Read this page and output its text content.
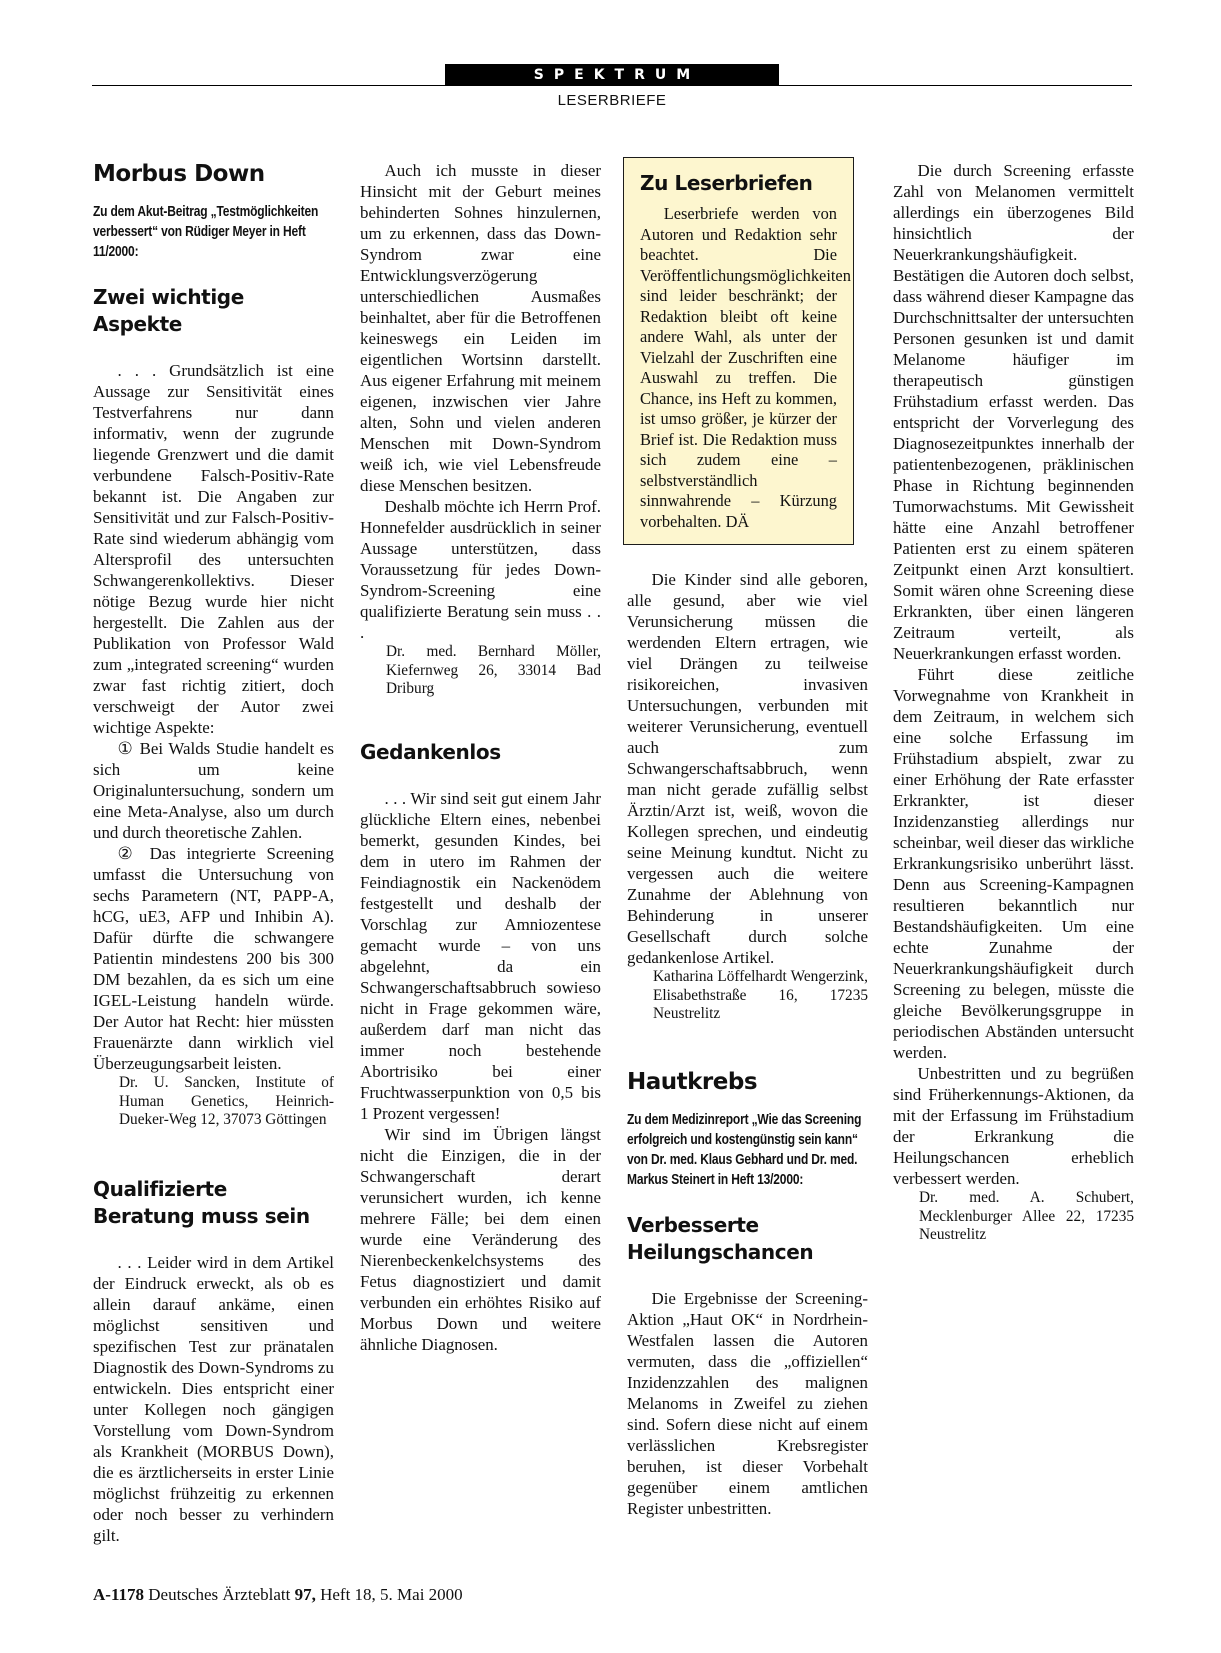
SPEKTRUM
LESERBRIEFE
Morbus Down
Zu dem Akut-Beitrag „Testmöglichkeiten verbessert“ von Rüdiger Meyer in Heft 11/2000:
Zwei wichtige Aspekte

. . . Grundsätzlich ist eine Aussage zur Sensitivität eines Testverfahrens nur dann informativ, wenn der zugrunde liegende Grenzwert und die damit verbundene Falsch-Positiv-Rate bekannt ist. Die Angaben zur Sensitivität und zur Falsch-Positiv-Rate sind wiederum abhängig vom Altersprofil des untersuchten Schwangerenkollektivs. Dieser nötige Bezug wurde hier nicht hergestellt. Die Zahlen aus der Publikation von Professor Wald zum „integrated screening“ wurden zwar fast richtig zitiert, doch verschweigt der Autor zwei wichtige Aspekte:

① Bei Walds Studie handelt es sich um keine Originaluntersuchung, sondern um eine Meta-Analyse, also um durch und durch theoretische Zahlen.

② Das integrierte Screening umfasst die Untersuchung von sechs Parametern (NT, PAPP-A, hCG, uE3, AFP und Inhibin A). Dafür dürfte die schwangere Patientin mindestens 200 bis 300 DM bezahlen, da es sich um eine IGEL-Leistung handeln würde. Der Autor hat Recht: hier müssten Frauenärzte dann wirklich viel Überzeugungsarbeit leisten.

Dr. U. Sancken, Institute of Human Genetics, Heinrich-Dueker-Weg 12, 37073 Göttingen

Qualifizierte Beratung muss sein

. . . Leider wird in dem Artikel der Eindruck erweckt, als ob es allein darauf ankäme, einen möglichst sensitiven und spezifischen Test zur pränatalen Diagnostik des Down-Syndroms zu entwickeln. Dies entspricht einer unter Kollegen noch gängigen Vorstellung vom Down-Syndrom als Krankheit (MORBUS Down), die es ärztlicherseits in erster Linie möglichst frühzeitig zu erkennen oder noch besser zu verhindern gilt.

Auch ich musste in dieser Hinsicht mit der Geburt meines behinderten Sohnes hinzulernen, um zu erkennen, dass das Down-Syndrom zwar eine Entwicklungsverzögerung unterschiedlichen Ausmaßes beinhaltet, aber für die Betroffenen keineswegs ein Leiden im eigentlichen Wortsinn darstellt. Aus eigener Erfahrung mit meinem eigenen, inzwischen vier Jahre alten, Sohn und vielen anderen Menschen mit Down-Syndrom weiß ich, wie viel Lebensfreude diese Menschen besitzen.

Deshalb möchte ich Herrn Prof. Honnefelder ausdrücklich in seiner Aussage unterstützen, dass Voraussetzung für jedes Down-Syndrom-Screening eine qualifizierte Beratung sein muss . . .

Dr. med. Bernhard Möller, Kiefernweg 26, 33014 Bad Driburg

Gedankenlos

. . . Wir sind seit gut einem Jahr glückliche Eltern eines, nebenbei bemerkt, gesunden Kindes, bei dem in utero im Rahmen der Feindiagnostik ein Nackenödem festgestellt und deshalb der Vorschlag zur Amniozentese gemacht wurde – von uns abgelehnt, da ein Schwangerschaftsabbruch sowieso nicht in Frage gekommen wäre, außerdem darf man nicht das immer noch bestehende Abortrisiko bei einer Fruchtwasserpunktion von 0,5 bis 1 Prozent vergessen!

Wir sind im Übrigen längst nicht die Einzigen, die in der Schwangerschaft derart verunsichert wurden, ich kenne mehrere Fälle; bei dem einen wurde eine Veränderung des Nierenbeckenkelchsystems des Fetus diagnostiziert und damit verbunden ein erhöhtes Risiko auf Morbus Down und weitere ähnliche Diagnosen.

Zu Leserbriefen

Leserbriefe werden von Autoren und Redaktion sehr beachtet. Die Veröffentlichungsmöglichkeiten sind leider beschränkt; der Redaktion bleibt oft keine andere Wahl, als unter der Vielzahl der Zuschriften eine Auswahl zu treffen. Die Chance, ins Heft zu kommen, ist umso größer, je kürzer der Brief ist. Die Redaktion muss sich zudem eine – selbstverständlich sinnwahrende – Kürzung vorbehalten. DÄ

Die Kinder sind alle geboren, alle gesund, aber wie viel Verunsicherung müssen die werdenden Eltern ertragen, wie viel Drängen zu teilweise risikoreichen, invasiven Untersuchungen, verbunden mit weiterer Verunsicherung, eventuell auch zum Schwangerschaftsabbruch, wenn man nicht gerade zufällig selbst Ärztin/Arzt ist, weiß, wovon die Kollegen sprechen, und eindeutig seine Meinung kundtut. Nicht zu vergessen auch die weitere Zunahme der Ablehnung von Behinderung in unserer Gesellschaft durch solche gedankenlose Artikel.

Katharina Löffelhardt Wengerzink, Elisabethstraße 16, 17235 Neustrelitz

Hautkrebs
Zu dem Medizinreport „Wie das Screening erfolgreich und kostengünstig sein kann“ von Dr. med. Klaus Gebhard und Dr. med. Markus Steinert in Heft 13/2000:
Verbesserte Heilungschancen

Die Ergebnisse der Screening-Aktion „Haut OK“ in Nordrhein-Westfalen lassen die Autoren vermuten, dass die „offiziellen“ Inzidenzzahlen des malignen Melanoms in Zweifel zu ziehen sind. Sofern diese nicht auf einem verlässlichen Krebsregister beruhen, ist dieser Vorbehalt gegenüber einem amtlichen Register unbestritten.

Die durch Screening erfasste Zahl von Melanomen vermittelt allerdings ein überzogenes Bild hinsichtlich der Neuerkrankungshäufigkeit. Bestätigen die Autoren doch selbst, dass während dieser Kampagne das Durchschnittsalter der untersuchten Personen gesunken ist und damit Melanome häufiger im therapeutisch günstigen Frühstadium erfasst werden. Das entspricht der Vorverlegung des Diagnosezeitpunktes innerhalb der patientenbezogenen, präklinischen Phase in Richtung beginnenden Tumorwachstums. Mit Gewissheit hätte eine Anzahl betroffener Patienten erst zu einem späteren Zeitpunkt einen Arzt konsultiert. Somit wären ohne Screening diese Erkrankten, über einen längeren Zeitraum verteilt, als Neuerkrankungen erfasst worden.

Führt diese zeitliche Vorwegnahme von Krankheit in dem Zeitraum, in welchem sich eine solche Erfassung im Frühstadium abspielt, zwar zu einer Erhöhung der Rate erfasster Erkrankter, ist dieser Inzidenzanstieg allerdings nur scheinbar, weil dieser das wirkliche Erkrankungsrisiko unberührt lässt. Denn aus Screening-Kampagnen resultieren bekanntlich nur Bestandshäufigkeiten. Um eine echte Zunahme der Neuerkrankungshäufigkeit durch Screening zu belegen, müsste die gleiche Bevölkerungsgruppe in periodischen Abständen untersucht werden.

Unbestritten und zu begrüßen sind Früherkennungs-Aktionen, da mit der Erfassung im Frühstadium der Erkrankung die Heilungschancen erheblich verbessert werden.

Dr. med. A. Schubert, Mecklenburger Allee 22, 17235 Neustrelitz

A-1178 Deutsches Ärzteblatt 97, Heft 18, 5. Mai 2000
